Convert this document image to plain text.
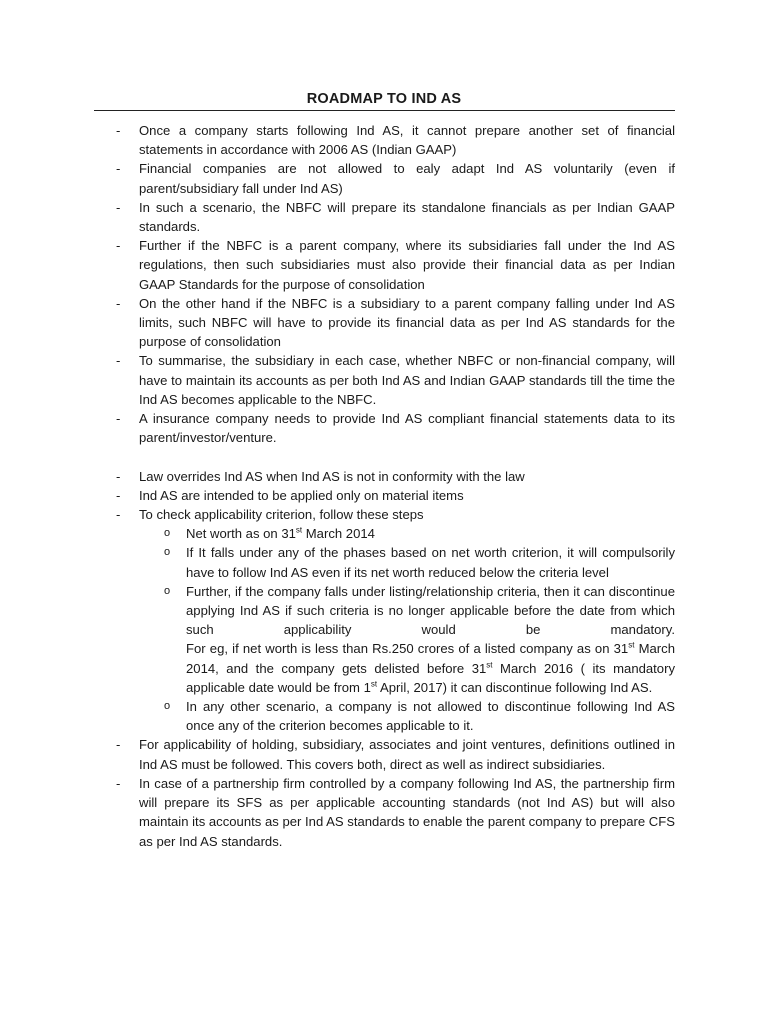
ROADMAP TO IND AS
- Once a company starts following Ind AS, it cannot prepare another set of financial statements in accordance with 2006 AS (Indian GAAP)
- Financial companies are not allowed to ealy adapt Ind AS voluntarily (even if parent/subsidiary fall under Ind AS)
- In such a scenario, the NBFC will prepare its standalone financials as per Indian GAAP standards.
- Further if the NBFC is a parent company, where its subsidiaries fall under the Ind AS regulations, then such subsidiaries must also provide their financial data as per Indian GAAP Standards for the purpose of consolidation
- On the other hand if the NBFC is a subsidiary to a parent company falling under Ind AS limits, such NBFC will have to provide its financial data as per Ind AS standards for the purpose of consolidation
- To summarise, the subsidiary in each case, whether NBFC or non-financial company, will have to maintain its accounts as per both Ind AS and Indian GAAP standards till the time the Ind AS becomes applicable to the NBFC.
- A insurance company needs to provide Ind AS compliant financial statements data to its parent/investor/venture.
- Law overrides Ind AS when Ind AS is not in conformity with the law
- Ind AS are intended to be applied only on material items
- To check applicability criterion, follow these steps
o Net worth as on 31st March 2014
o If It falls under any of the phases based on net worth criterion, it will compulsorily have to follow Ind AS even if its net worth reduced below the criteria level
o Further, if the company falls under listing/relationship criteria, then it can discontinue applying Ind AS if such criteria is no longer applicable before the date from which such applicability would be mandatory.
For eg, if net worth is less than Rs.250 crores of a listed company as on 31st March 2014, and the company gets delisted before 31st March 2016 ( its mandatory applicable date would be from 1st April, 2017) it can discontinue following Ind AS.
o In any other scenario, a company is not allowed to discontinue following Ind AS once any of the criterion becomes applicable to it.
- For applicability of holding, subsidiary, associates and joint ventures, definitions outlined in Ind AS must be followed. This covers both, direct as well as indirect subsidiaries.
- In case of a partnership firm controlled by a company following Ind AS, the partnership firm will prepare its SFS as per applicable accounting standards (not Ind AS) but will also maintain its accounts as per Ind AS standards to enable the parent company to prepare CFS as per Ind AS standards.
